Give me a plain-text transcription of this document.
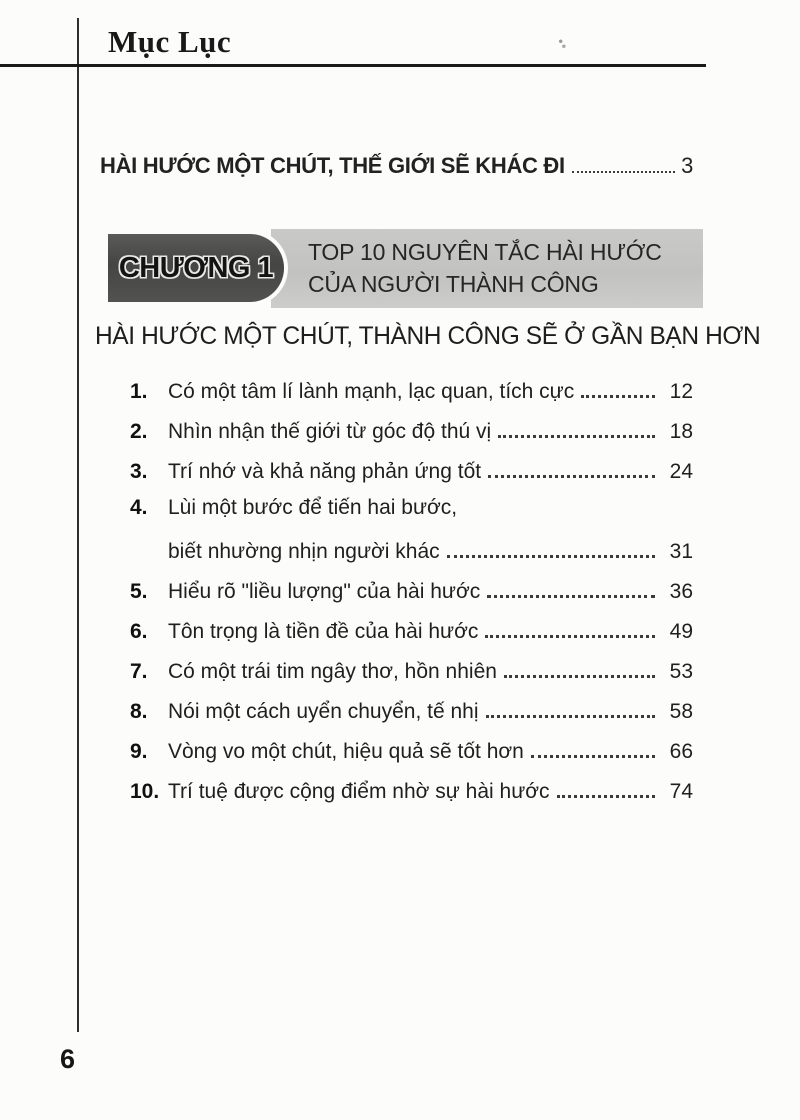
Mục Lục
HÀI HƯỚC MỘT CHÚT, THẾ GIỚI SẼ KHÁC ĐI	3
CHƯƠNG 1 TOP 10 NGUYÊN TẮC HÀI HƯỚC CỦA NGƯỜI THÀNH CÔNG
HÀI HƯỚC MỘT CHÚT, THÀNH CÔNG SẼ Ở GẦN BẠN HƠN
1. Có một tâm lí lành mạnh, lạc quan, tích cực	12
2. Nhìn nhận thế giới từ góc độ thú vị	18
3. Trí nhớ và khả năng phản ứng tốt	24
4. Lùi một bước để tiến hai bước,
biết nhường nhịn người khác	31
5. Hiểu rõ "liều lượng" của hài hước	36
6. Tôn trọng là tiền đề của hài hước	49
7. Có một trái tim ngây thơ, hồn nhiên	53
8. Nói một cách uyển chuyển, tế nhị	58
9. Vòng vo một chút, hiệu quả sẽ tốt hơn	66
10. Trí tuệ được cộng điểm nhờ sự hài hước	74
6
